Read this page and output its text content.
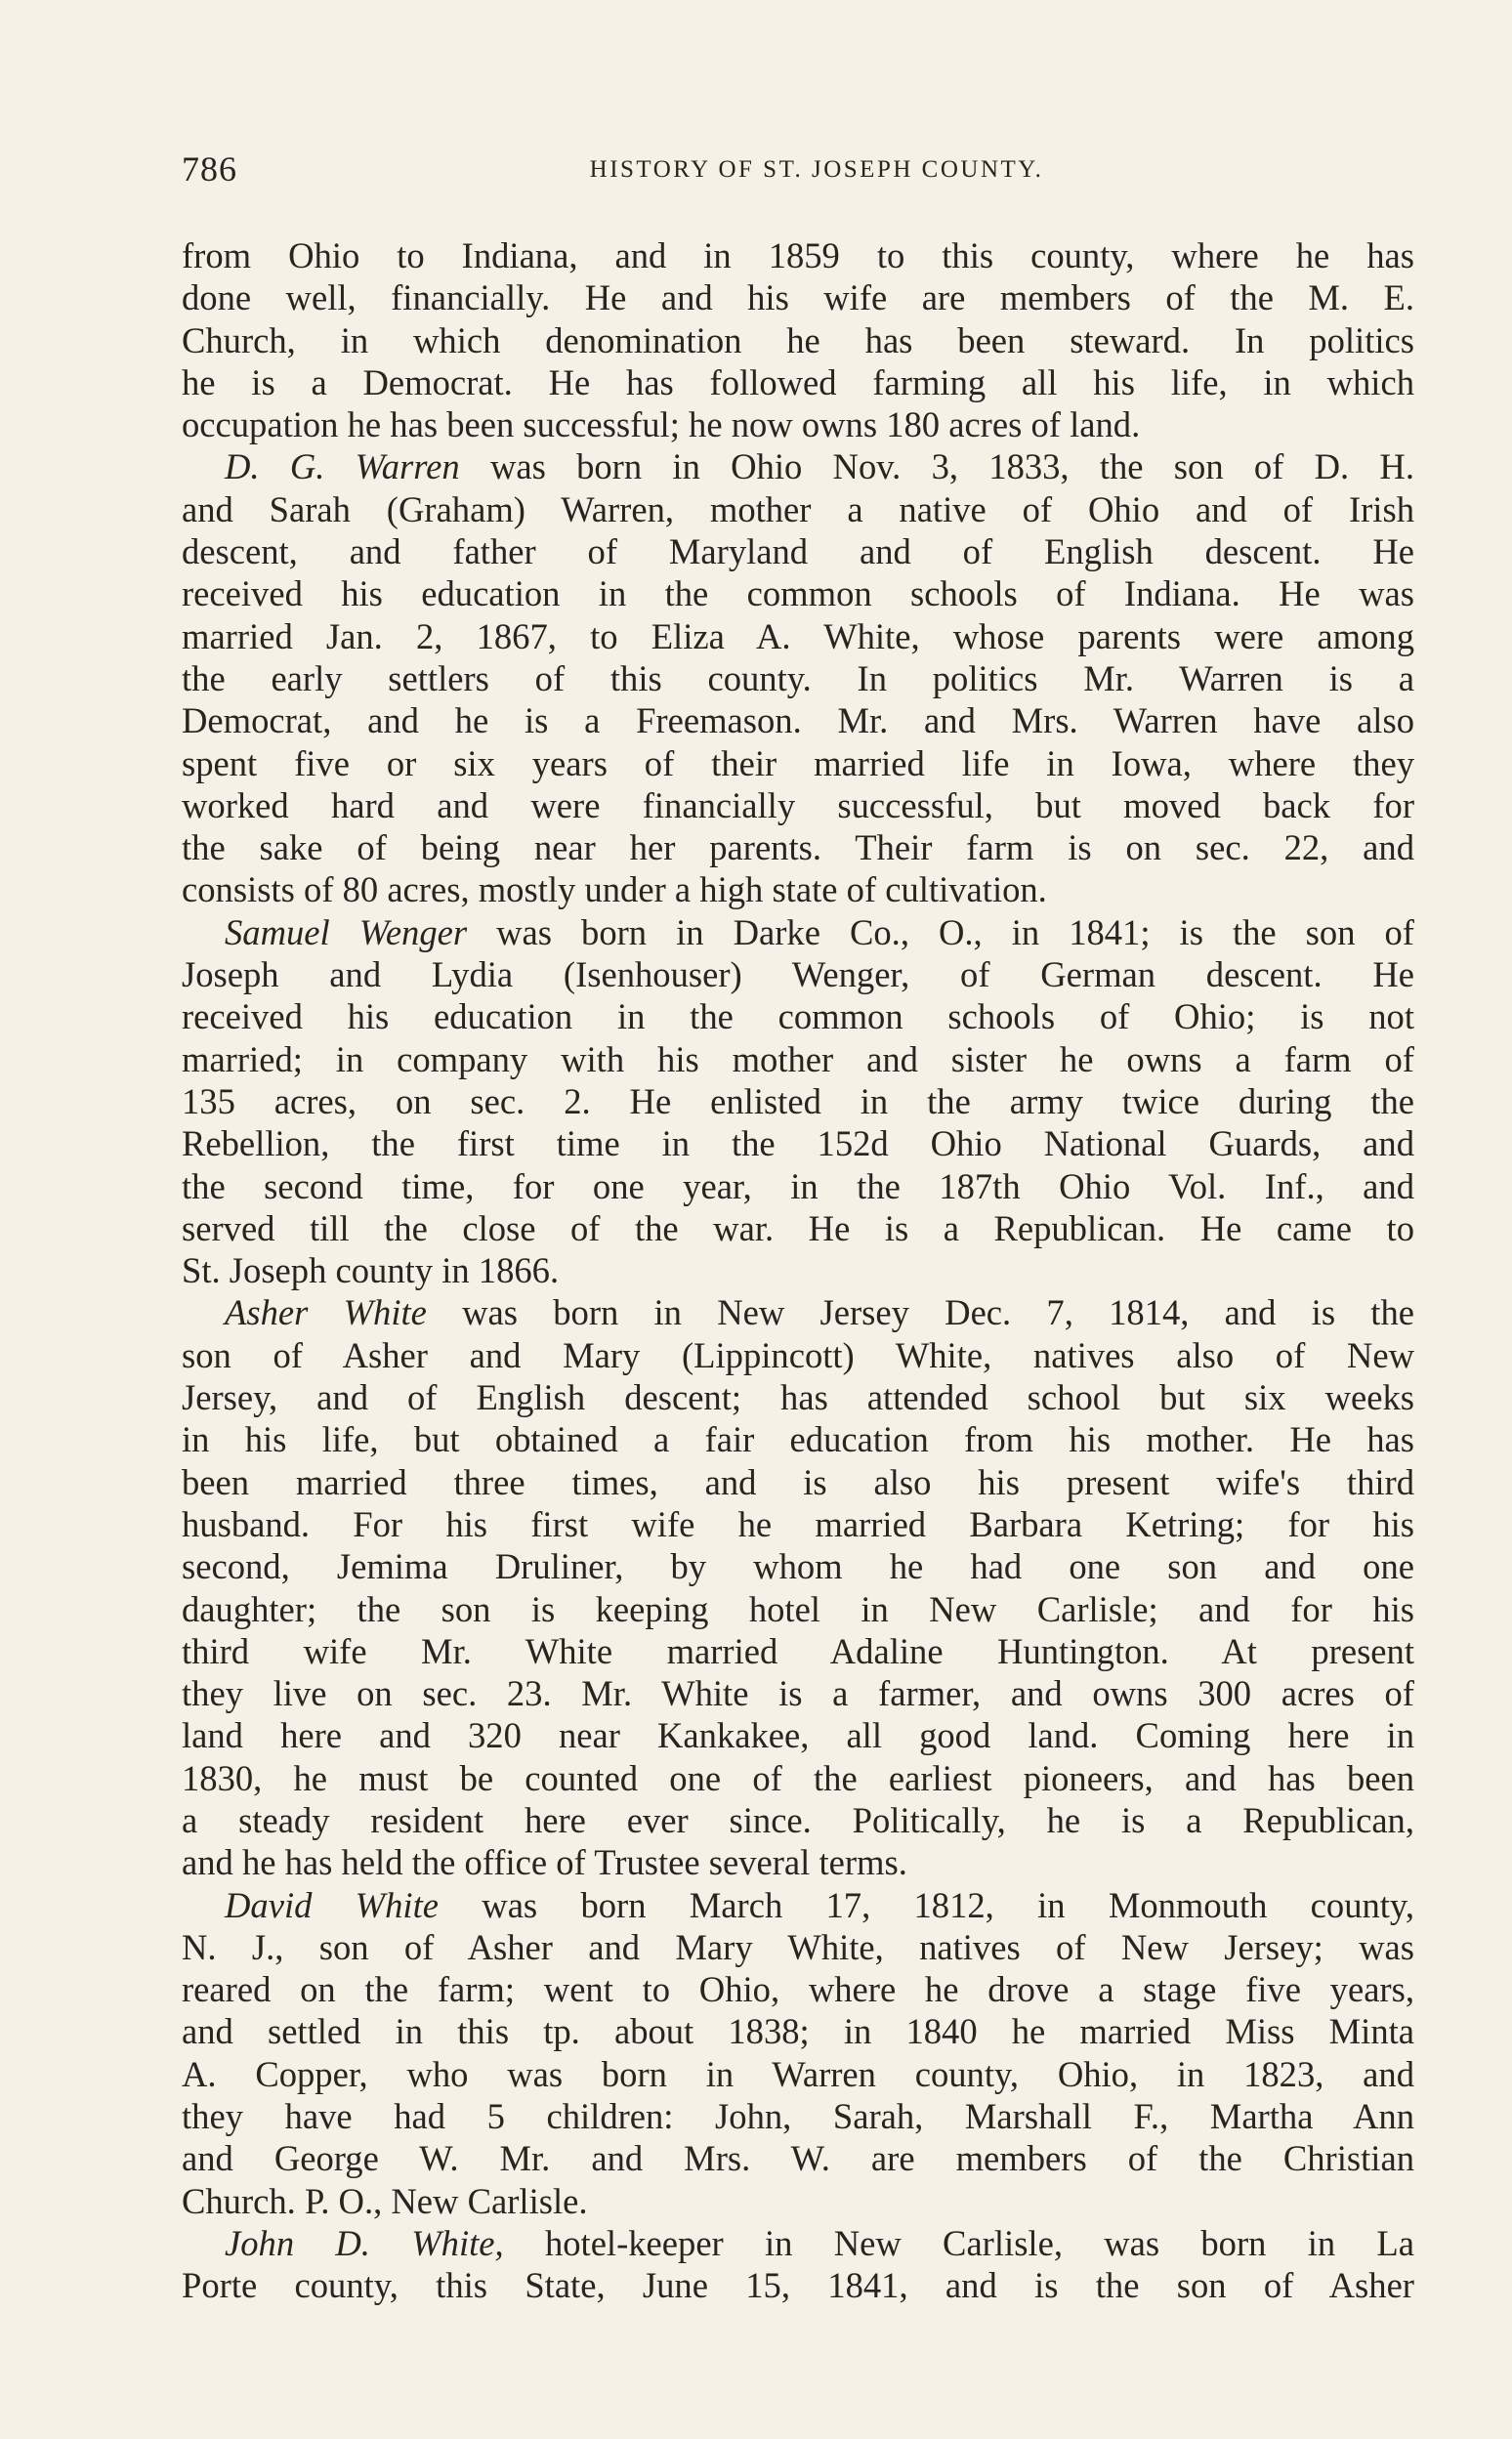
786	HISTORY OF ST. JOSEPH COUNTY.
from Ohio to Indiana, and in 1859 to this county, where he has
done well, financially. He and his wife are members of the M. E.
Church, in which denomination he has been steward. In politics
he is a Democrat. He has followed farming all his life, in which
occupation he has been successful; he now owns 180 acres of land.
D. G. Warren was born in Ohio Nov. 3, 1833, the son of D. H.
and Sarah (Graham) Warren, mother a native of Ohio and of Irish
descent, and father of Maryland and of English descent. He
received his education in the common schools of Indiana. He was
married Jan. 2, 1867, to Eliza A. White, whose parents were among
the early settlers of this county. In politics Mr. Warren is a
Democrat, and he is a Freemason. Mr. and Mrs. Warren have also
spent five or six years of their married life in Iowa, where they
worked hard and were financially successful, but moved back for
the sake of being near her parents. Their farm is on sec. 22, and
consists of 80 acres, mostly under a high state of cultivation.
Samuel Wenger was born in Darke Co., O., in 1841; is the son of
Joseph and Lydia (Isenhouser) Wenger, of German descent. He
received his education in the common schools of Ohio; is not
married; in company with his mother and sister he owns a farm of
135 acres, on sec. 2. He enlisted in the army twice during the
Rebellion, the first time in the 152d Ohio National Guards, and
the second time, for one year, in the 187th Ohio Vol. Inf., and
served till the close of the war. He is a Republican. He came to
St. Joseph county in 1866.
Asher White was born in New Jersey Dec. 7, 1814, and is the
son of Asher and Mary (Lippincott) White, natives also of New
Jersey, and of English descent; has attended school but six weeks
in his life, but obtained a fair education from his mother. He has
been married three times, and is also his present wife's third
husband. For his first wife he married Barbara Ketring; for his
second, Jemima Druliner, by whom he had one son and one
daughter; the son is keeping hotel in New Carlisle; and for his
third wife Mr. White married Adaline Huntington. At present
they live on sec. 23. Mr. White is a farmer, and owns 300 acres of
land here and 320 near Kankakee, all good land. Coming here in
1830, he must be counted one of the earliest pioneers, and has been
a steady resident here ever since. Politically, he is a Republican,
and he has held the office of Trustee several terms.
David White was born March 17, 1812, in Monmouth county,
N. J., son of Asher and Mary White, natives of New Jersey; was
reared on the farm; went to Ohio, where he drove a stage five years,
and settled in this tp. about 1838; in 1840 he married Miss Minta
A. Copper, who was born in Warren county, Ohio, in 1823, and
they have had 5 children: John, Sarah, Marshall F., Martha Ann
and George W. Mr. and Mrs. W. are members of the Christian
Church. P. O., New Carlisle.
John D. White, hotel-keeper in New Carlisle, was born in La
Porte county, this State, June 15, 1841, and is the son of Asher
